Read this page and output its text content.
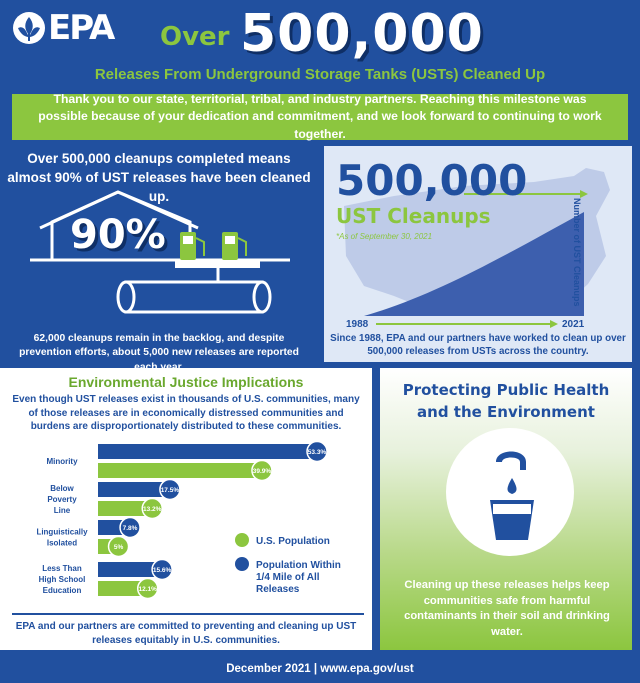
EPA Over 500,000
Releases From Underground Storage Tanks (USTs) Cleaned Up

Thank you to our state, territorial, tribal, and industry partners. Reaching this milestone was possible because of your dedication and commitment, and we look forward to continuing to work together.

Over 500,000 cleanups completed means almost 90% of UST releases have been cleaned up.
90%
62,000 cleanups remain in the backlog, and despite prevention efforts, about 5,000 new releases are reported
500,000
UST Cleanups
*As of September 30, 2021	Number of UST Cleanups
1988	2021
Since 1988, EPA and our partners have worked to clean up over 500,000 releases from USTs across the country.
Environmental Justice Implications
Even though UST releases exist in thousands of U.S. communities, many of those releases are in economically distressed communities and burdens are disproportionately distributed to these communities.
Minority
53.3%
39.9%
Below
Poverty
Line
17.5%
13.2%
Linguistically
Isolated
7.8%
5%
Less Than
High School
Education
15.6%
12.1%
U.S. Population
Population Within
1/4 Mile of All
Releases
EPA and our partners are committed to preventing and cleaning up UST releases equitably in U.S. communities.
Protecting Public Health
and the Environment
Cleaning up these releases helps keep communities safe from harmful contaminants in their soil and drinking water.
December 2021 | www.epa.gov/ust
